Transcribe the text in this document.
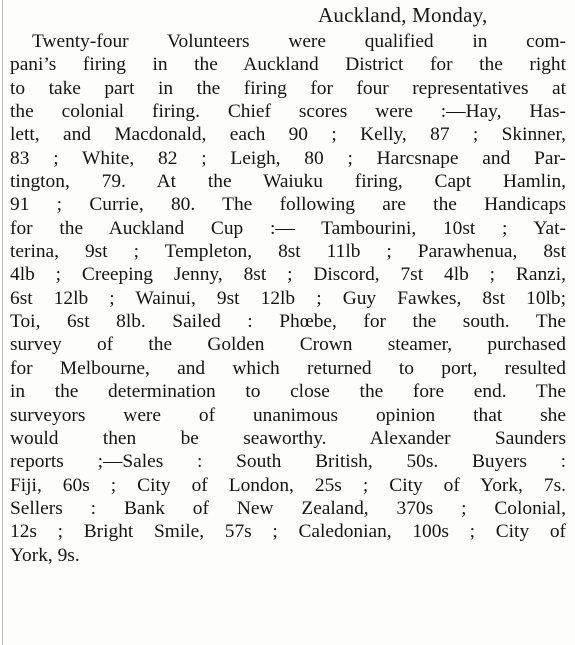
Auckland, Monday,
Twenty-four Volunteers were qualified in com-
pani’s firing in the Auckland District for the right
to take part in the firing for four representatives at
the colonial firing. Chief scores were :—Hay, Has-
lett, and Macdonald, each 90 ; Kelly, 87 ; Skinner,
83 ; White, 82 ; Leigh, 80 ; Harcsnape and Par-
tington, 79. At the Waiuku firing, Capt Hamlin,
91 ; Currie, 80. The following are the Handicaps
for the Auckland Cup :— Tambourini, 10st ; Yat-
terina, 9st ; Templeton, 8st 11lb ; Parawhenua, 8st
4lb ; Creeping Jenny, 8st ; Discord, 7st 4lb ; Ranzi,
6st 12lb ; Wainui, 9st 12lb ; Guy Fawkes, 8st 10lb;
Toi, 6st 8lb. Sailed : Phœbe, for the south. The
survey of the Golden Crown steamer, purchased
for Melbourne, and which returned to port, resulted
in the determination to close the fore end. The
surveyors were of unanimous opinion that she
would then be seaworthy. Alexander Saunders
reports ;—Sales : South British, 50s. Buyers :
Fiji, 60s ; City of London, 25s ; City of York, 7s.
Sellers : Bank of New Zealand, 370s ; Colonial,
12s ; Bright Smile, 57s ; Caledonian, 100s ; City of
York, 9s.
